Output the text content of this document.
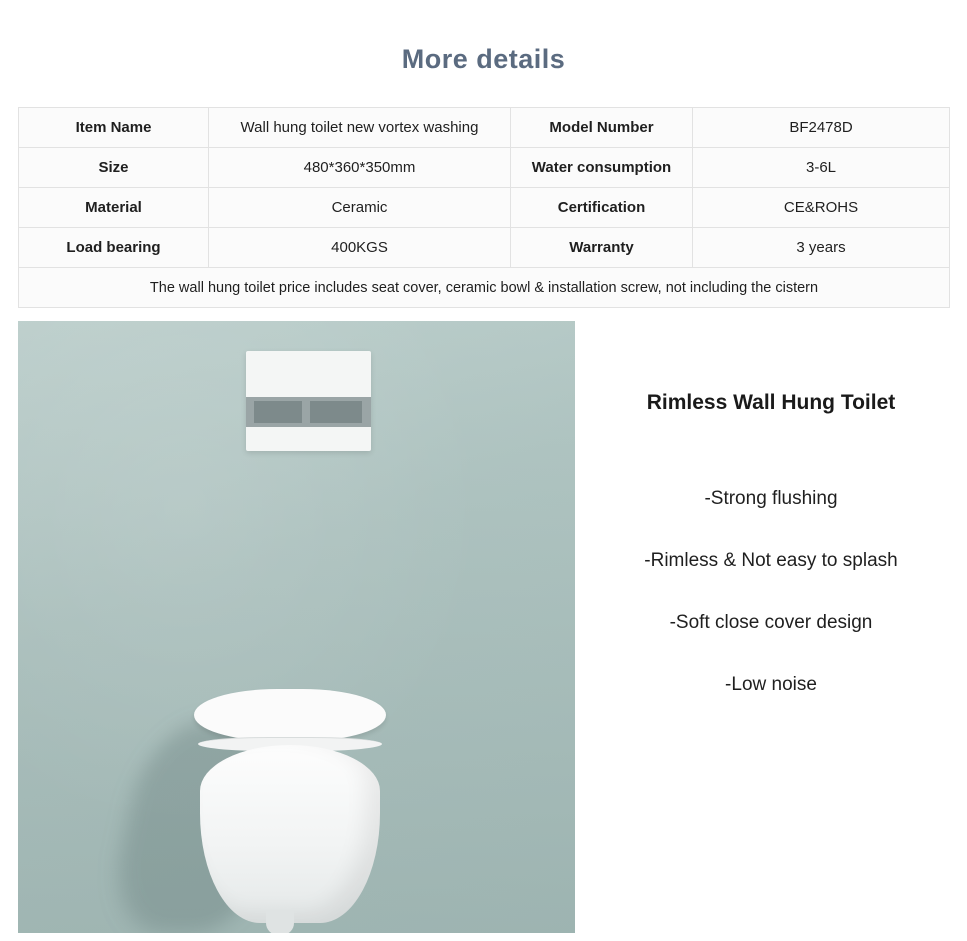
More details
Item Name	Wall hung toilet new vortex washing	Model Number	BF2478D
Size	480*360*350mm	Water consumption	3-6L
Material	Ceramic	Certification	CE&ROHS
Load bearing	400KGS	Warranty	3 years
The wall hung toilet price includes seat cover, ceramic bowl & installation screw, not including the cistern			
Rimless Wall Hung Toilet
-Strong flushing
-Rimless & Not easy to splash
-Soft close cover design
-Low noise
